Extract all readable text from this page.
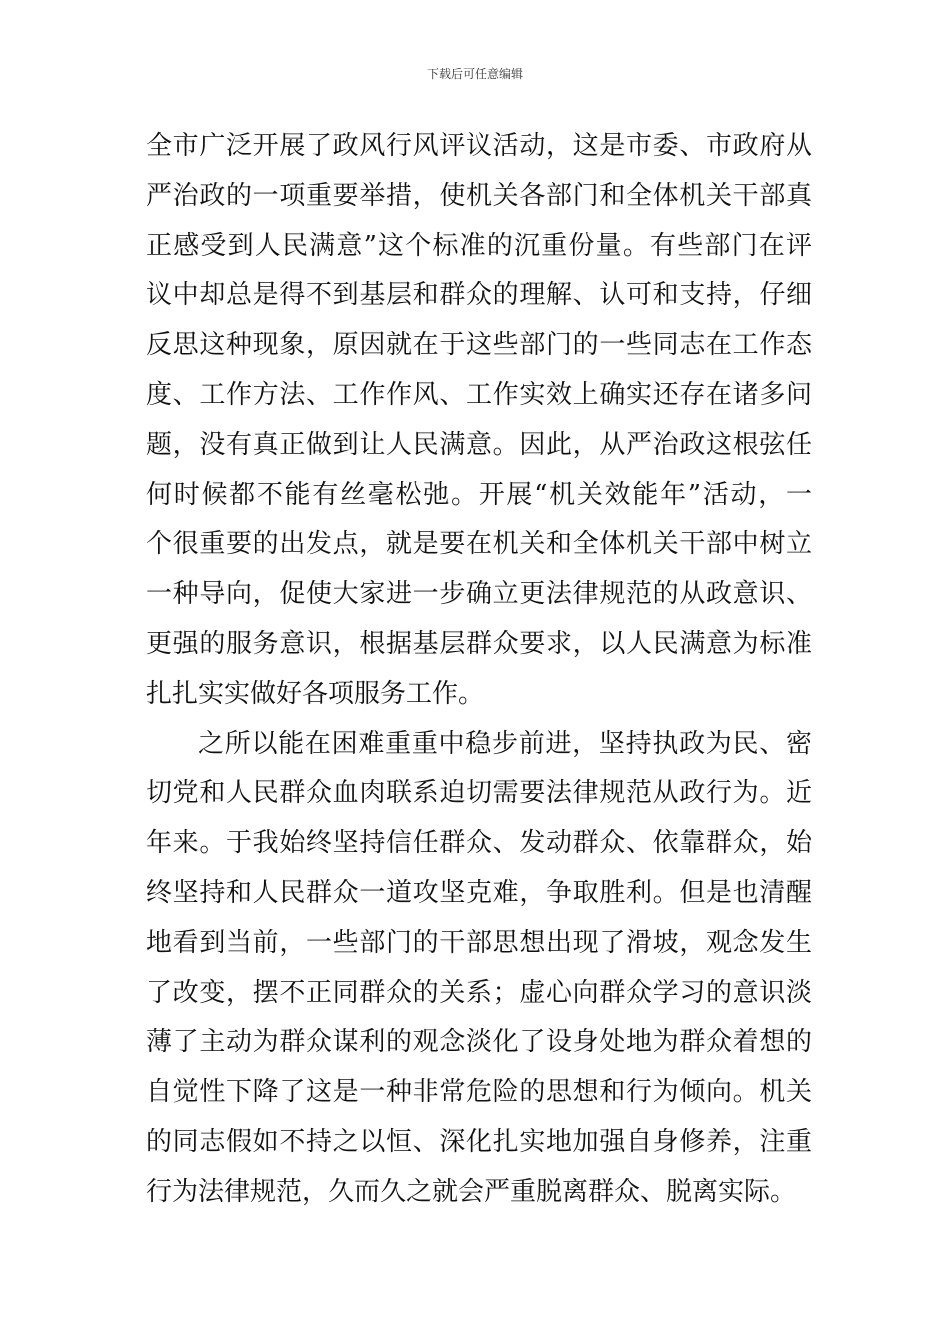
下载后可任意编辑
全市广泛开展了政风行风评议活动，这是市委、市政府从
严治政的一项重要举措，使机关各部门和全体机关干部真
正感受到人民满意”这个标准的沉重份量。有些部门在评
议中却总是得不到基层和群众的理解、认可和支持，仔细
反思这种现象，原因就在于这些部门的一些同志在工作态
度、工作方法、工作作风、工作实效上确实还存在诸多问
题，没有真正做到让人民满意。因此，从严治政这根弦任
何时候都不能有丝毫松弛。开展“机关效能年”活动，一
个很重要的出发点，就是要在机关和全体机关干部中树立
一种导向，促使大家进一步确立更法律规范的从政意识、
更强的服务意识，根据基层群众要求，以人民满意为标准
扎扎实实做好各项服务工作。
之所以能在困难重重中稳步前进，坚持执政为民、密
切党和人民群众血肉联系迫切需要法律规范从政行为。近
年来。于我始终坚持信任群众、发动群众、依靠群众，始
终坚持和人民群众一道攻坚克难，争取胜利。但是也清醒
地看到当前，一些部门的干部思想出现了滑坡，观念发生
了改变，摆不正同群众的关系；虚心向群众学习的意识淡
薄了主动为群众谋利的观念淡化了设身处地为群众着想的
自觉性下降了这是一种非常危险的思想和行为倾向。机关
的同志假如不持之以恒、深化扎实地加强自身修养，注重
行为法律规范，久而久之就会严重脱离群众、脱离实际。
